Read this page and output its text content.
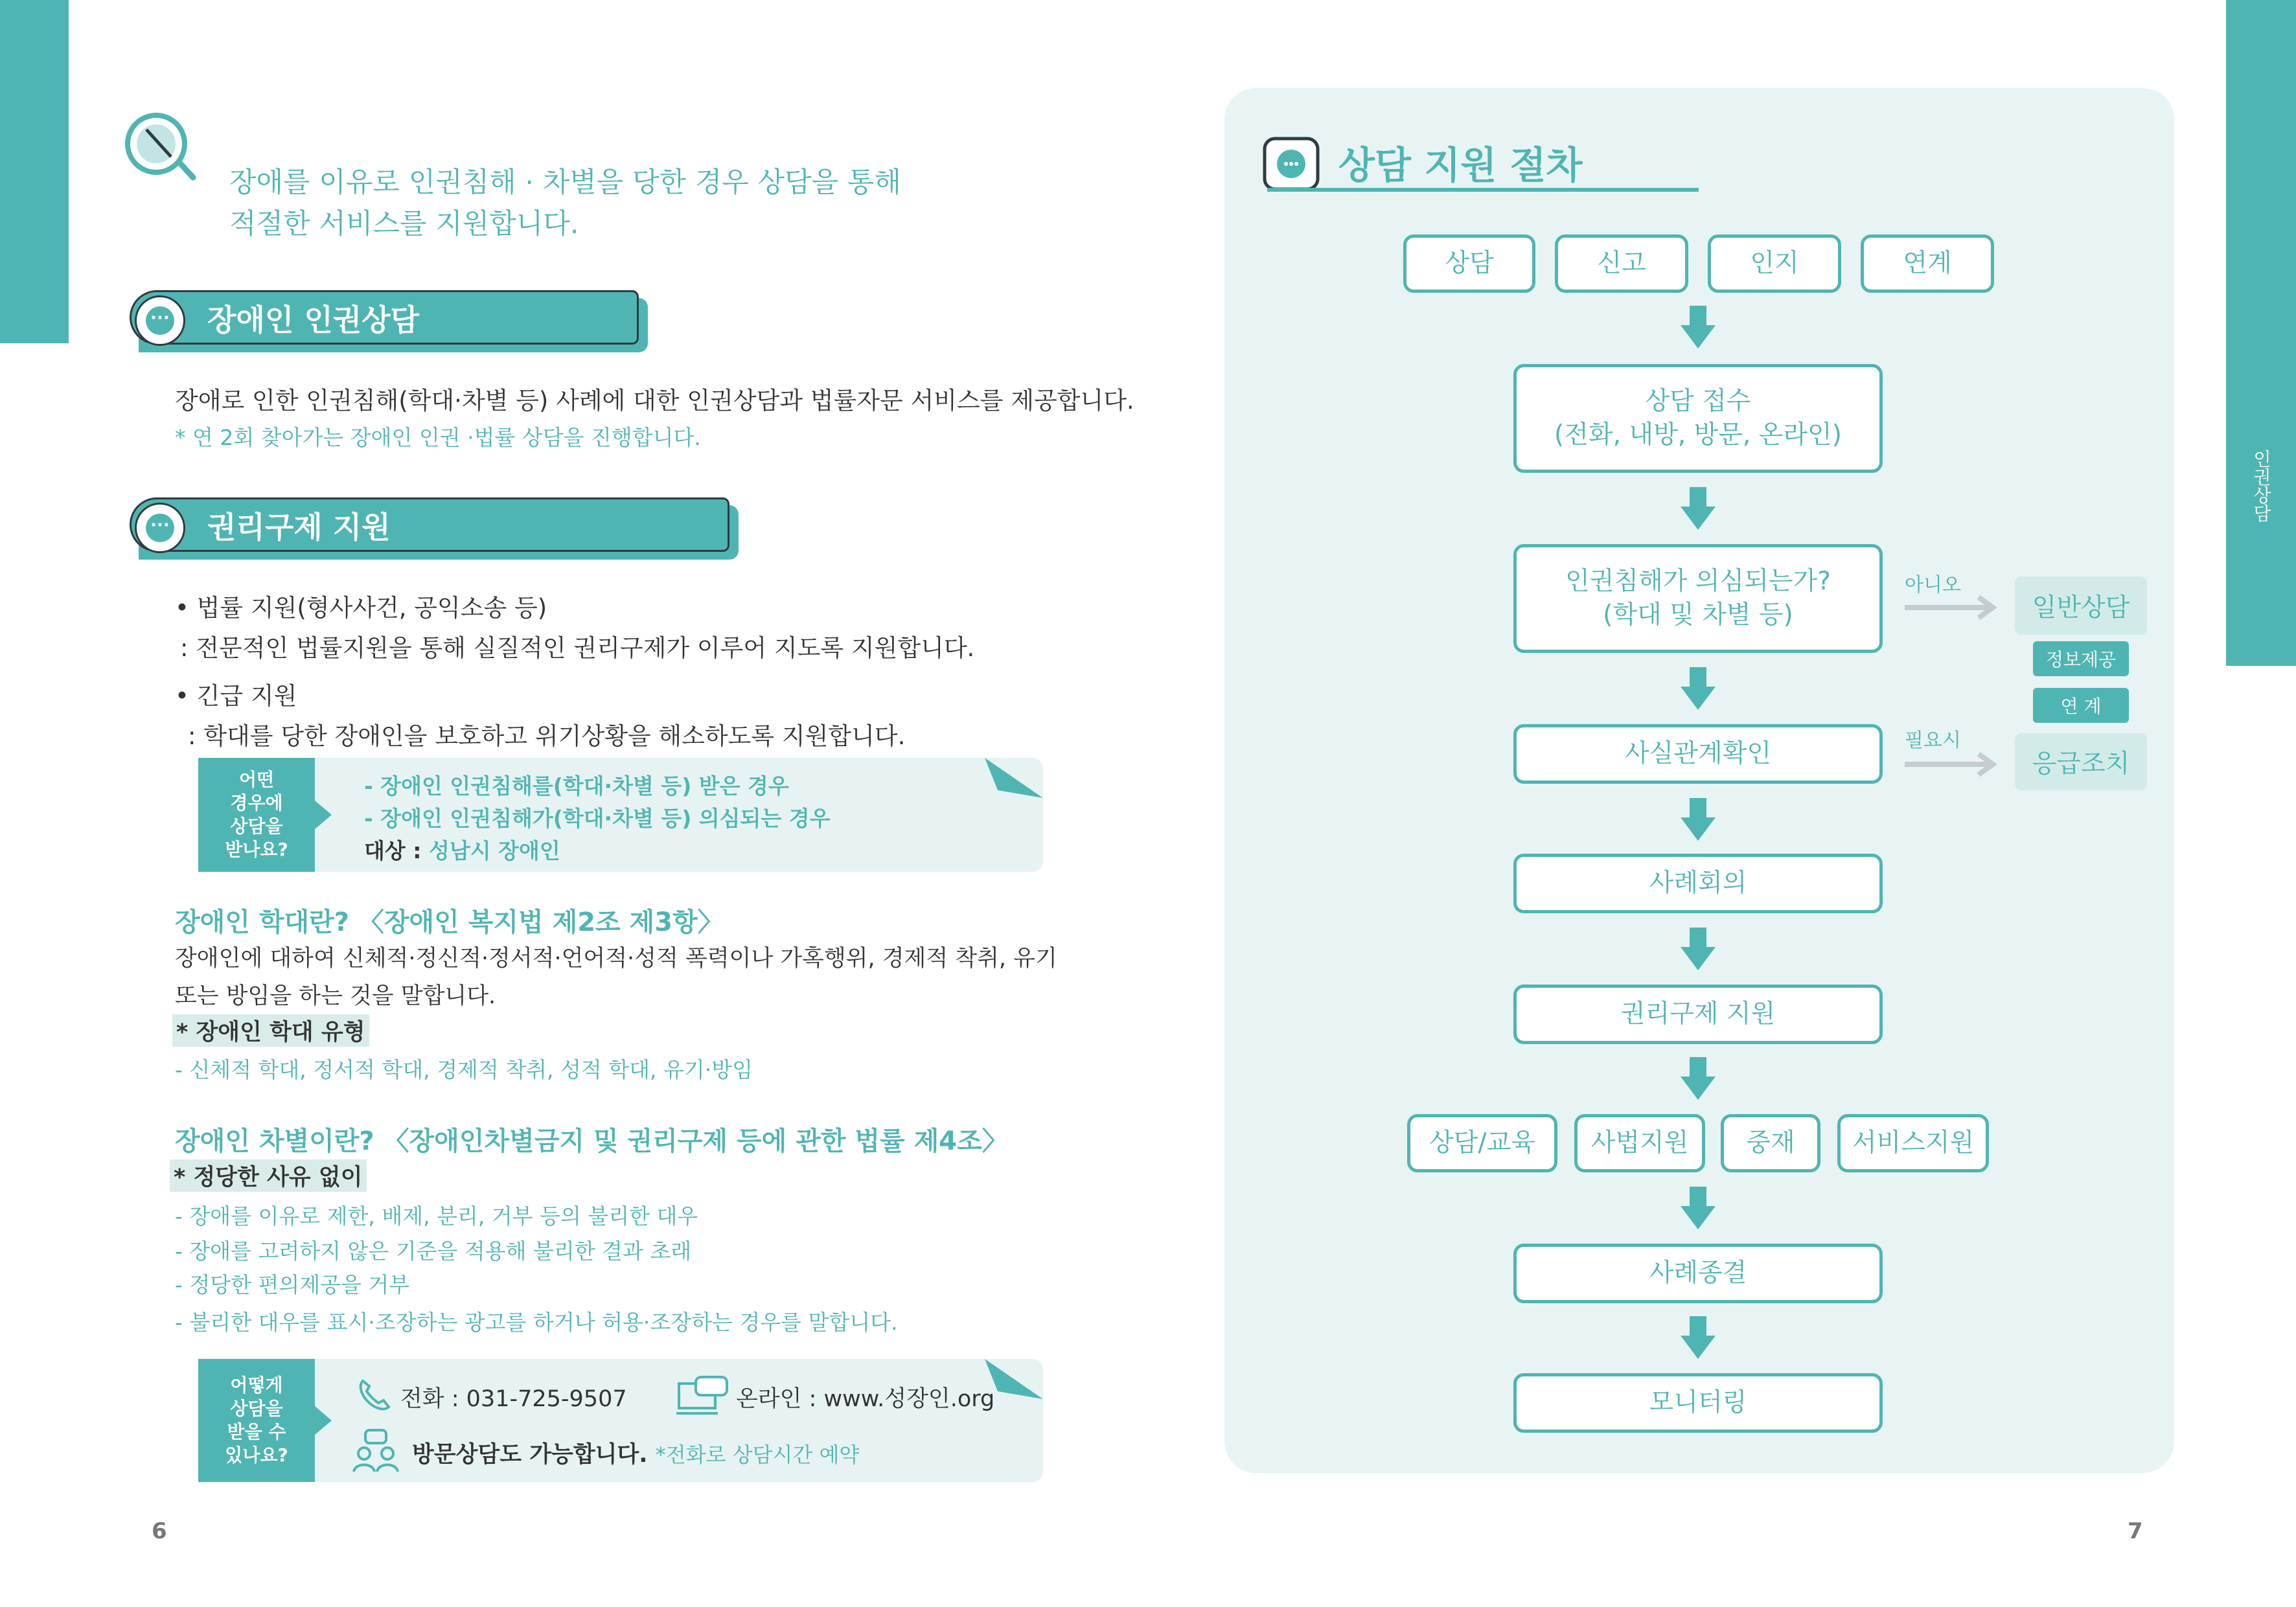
인권상담
장애를 이유로 인권침해 · 차별을 당한 경우 상담을 통해
적절한 서비스를 지원합니다.
··· 장애인 인권상담
장애로 인한 인권침해(학대·차별 등) 사례에 대한 인권상담과 법률자문 서비스를 제공합니다.
* 연 2회 찾아가는 장애인 인권 ·법률 상담을 진행합니다.
··· 권리구제 지원
• 법률 지원(형사사건, 공익소송 등)
: 전문적인 법률지원을 통해 실질적인 권리구제가 이루어 지도록 지원합니다.
• 긴급 지원
: 학대를 당한 장애인을 보호하고 위기상황을 해소하도록 지원합니다.
어떤
경우에
상담을
받나요?
- 장애인 인권침해를(학대·차별 등) 받은 경우
- 장애인 인권침해가(학대·차별 등) 의심되는 경우
대상 : 성남시 장애인
장애인 학대란? 〈장애인 복지법 제2조 제3항〉
장애인에 대하여 신체적·정신적·정서적·언어적·성적 폭력이나 가혹행위, 경제적 착취, 유기
또는 방임을 하는 것을 말합니다.
* 장애인 학대 유형
- 신체적 학대, 정서적 학대, 경제적 착취, 성적 학대, 유기·방임
장애인 차별이란? 〈장애인차별금지 및 권리구제 등에 관한 법률 제4조〉
* 정당한 사유 없이
- 장애를 이유로 제한, 배제, 분리, 거부 등의 불리한 대우
- 장애를 고려하지 않은 기준을 적용해 불리한 결과 초래
- 정당한 편의제공을 거부
- 불리한 대우를 표시·조장하는 광고를 하거나 허용·조장하는 경우를 말합니다.
어떻게
상담을
받을 수
있나요?
전화 : 031-725-9507	온라인 : www.성장인.org
방문상담도 가능합니다. *전화로 상담시간 예약
6	7
상담 지원 절차
상담	신고	인지	연계
상담 접수
(전화, 내방, 방문, 온라인)
인권침해가 의심되는가?
(학대 및 차별 등)
아니오
일반상담
정보제공
연 계
사실관계확인	필요시
응급조치
사례회의
권리구제 지원
상담/교육	사법지원	중재	서비스지원
사례종결
모니터링
